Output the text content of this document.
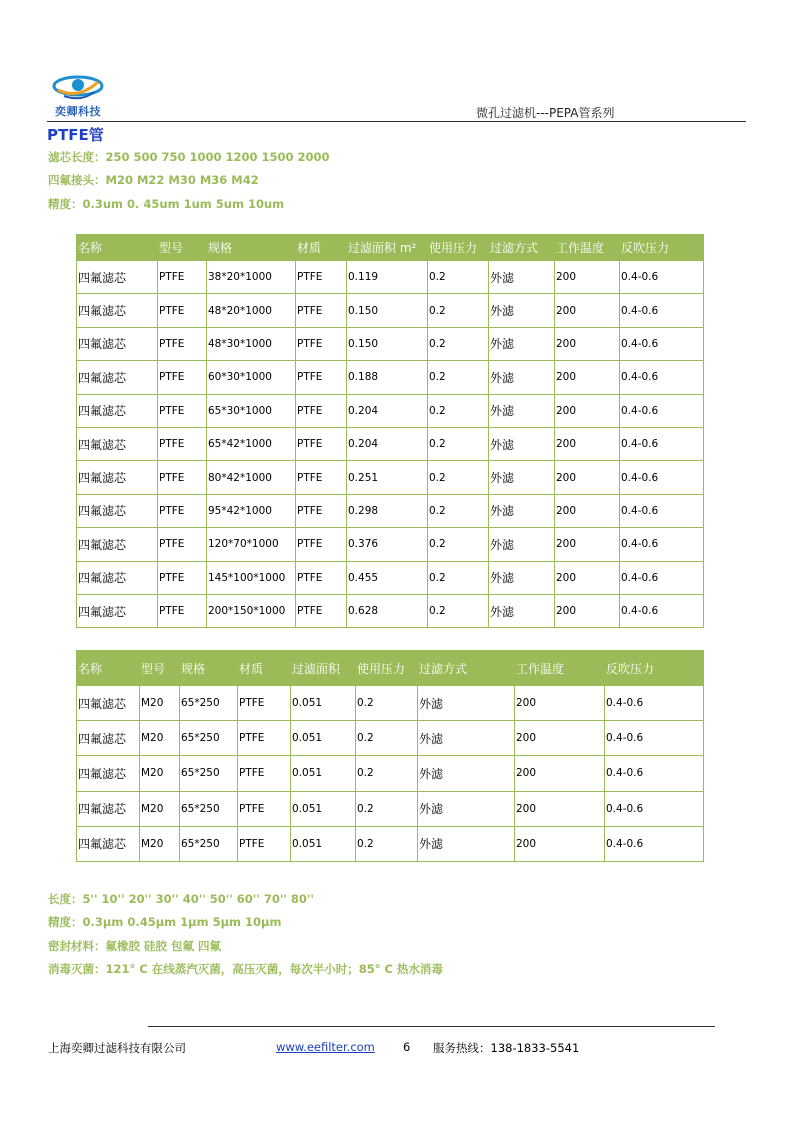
奕卿科技	微孔过滤机---PEPA管系列
PTFE管
滤芯长度：250 500 750 1000 1200 1500 2000
四氟接头：M20 M22 M30 M36 M42
精度：0.3um 0. 45um 1um 5um 10um
名称	型号	规格	材质	过滤面积 m²	使用压力	过滤方式	工作温度	反吹压力
四氟滤芯	PTFE	38*20*1000	PTFE	0.119	0.2	外滤	200	0.4-0.6
四氟滤芯	PTFE	48*20*1000	PTFE	0.150	0.2	外滤	200	0.4-0.6
四氟滤芯	PTFE	48*30*1000	PTFE	0.150	0.2	外滤	200	0.4-0.6
四氟滤芯	PTFE	60*30*1000	PTFE	0.188	0.2	外滤	200	0.4-0.6
四氟滤芯	PTFE	65*30*1000	PTFE	0.204	0.2	外滤	200	0.4-0.6
四氟滤芯	PTFE	65*42*1000	PTFE	0.204	0.2	外滤	200	0.4-0.6
四氟滤芯	PTFE	80*42*1000	PTFE	0.251	0.2	外滤	200	0.4-0.6
四氟滤芯	PTFE	95*42*1000	PTFE	0.298	0.2	外滤	200	0.4-0.6
四氟滤芯	PTFE	120*70*1000	PTFE	0.376	0.2	外滤	200	0.4-0.6
四氟滤芯	PTFE	145*100*1000	PTFE	0.455	0.2	外滤	200	0.4-0.6
四氟滤芯	PTFE	200*150*1000	PTFE	0.628	0.2	外滤	200	0.4-0.6
名称	型号	规格	材质	过滤面积	使用压力	过滤方式	工作温度	反吹压力
四氟滤芯	M20	65*250	PTFE	0.051	0.2	外滤	200	0.4-0.6
四氟滤芯	M20	65*250	PTFE	0.051	0.2	外滤	200	0.4-0.6
四氟滤芯	M20	65*250	PTFE	0.051	0.2	外滤	200	0.4-0.6
四氟滤芯	M20	65*250	PTFE	0.051	0.2	外滤	200	0.4-0.6
四氟滤芯	M20	65*250	PTFE	0.051	0.2	外滤	200	0.4-0.6
长度：5'' 10'' 20'' 30'' 40'' 50'' 60'' 70'' 80''
精度：0.3μm 0.45μm 1μm 5μm 10μm
密封材料：氟橡胶 硅胶 包氟 四氟
消毒灭菌：121° C 在线蒸汽灭菌，高压灭菌，每次半小时；85° C 热水消毒
上海奕卿过滤科技有限公司	www.eefilter.com 6 服务热线：138-1833-5541
